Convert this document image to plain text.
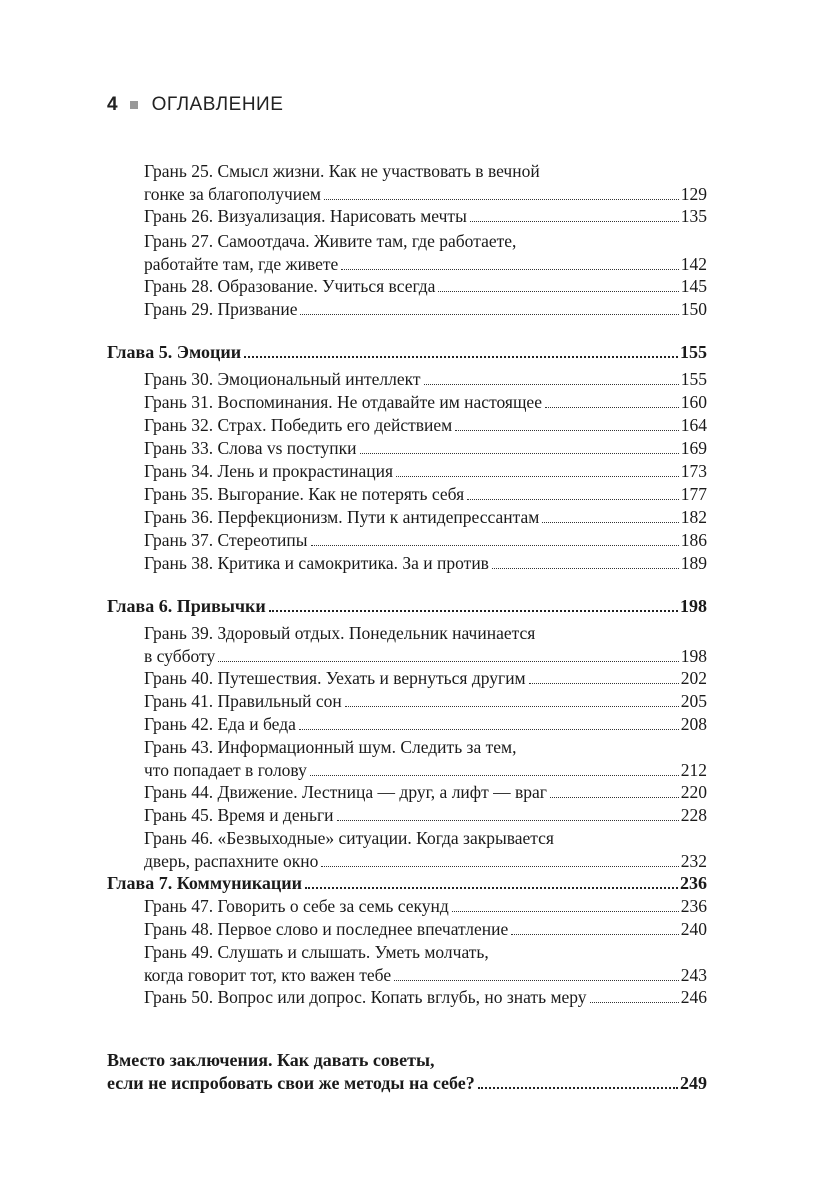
4 ОГЛАВЛЕНИЕ
Грань 25. Смысл жизни. Как не участвовать в вечной
гонке за благополучием	129
Грань 26. Визуализация. Нарисовать мечты	135
Грань 27. Самоотдача. Живите там, где работаете,
работайте там, где живете	142
Грань 28. Образование. Учиться всегда	145
Грань 29. Призвание	150
Глава 5. Эмоции	155
Грань 30. Эмоциональный интеллект	155
Грань 31. Воспоминания. Не отдавайте им настоящее	160
Грань 32. Страх. Победить его действием	164
Грань 33. Слова vs поступки	169
Грань 34. Лень и прокрастинация	173
Грань 35. Выгорание. Как не потерять себя	177
Грань 36. Перфекционизм. Пути к антидепрессантам	182
Грань 37. Стереотипы	186
Грань 38. Критика и самокритика. За и против	189
Глава 6. Привычки	198
Грань 39. Здоровый отдых. Понедельник начинается
в субботу	198
Грань 40. Путешествия. Уехать и вернуться другим	202
Грань 41. Правильный сон	205
Грань 42. Еда и беда	208
Грань 43. Информационный шум. Следить за тем,
что попадает в голову	212
Грань 44. Движение. Лестница — друг, а лифт — враг	220
Грань 45. Время и деньги	228
Грань 46. «Безвыходные» ситуации. Когда закрывается
дверь, распахните окно	232
Глава 7. Коммуникации	236
Грань 47. Говорить о себе за семь секунд	236
Грань 48. Первое слово и последнее впечатление	240
Грань 49. Слушать и слышать. Уметь молчать,
когда говорит тот, кто важен тебе	243
Грань 50. Вопрос или допрос. Копать вглубь, но знать меру	246
Вместо заключения. Как давать советы,
если не испробовать свои же методы на себе?	249
